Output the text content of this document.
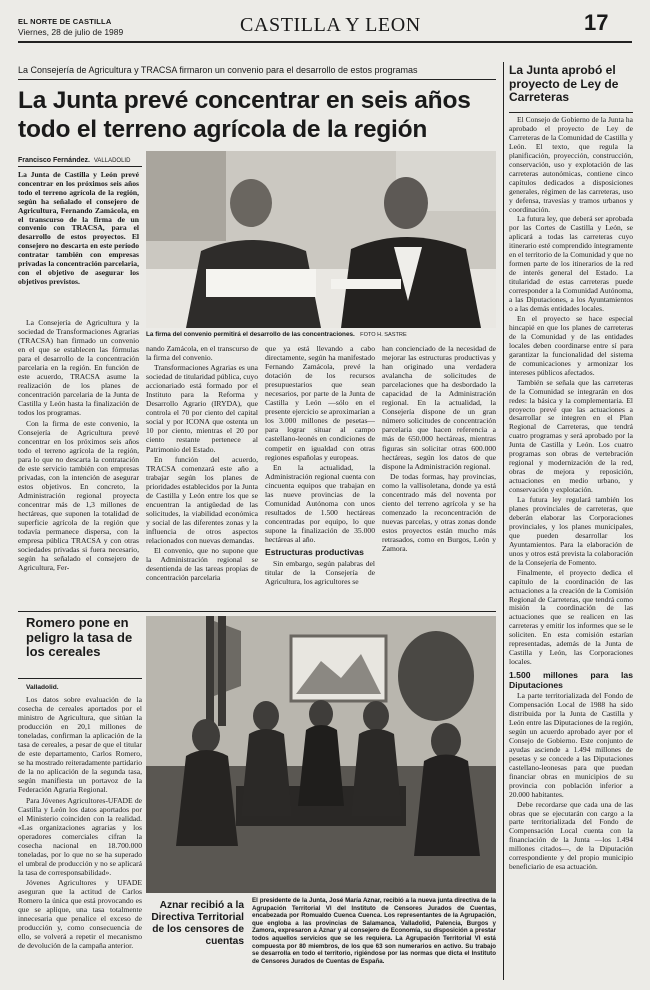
EL NORTE DE CASTILLA
Viernes, 28 de julio de 1989	CASTILLA Y LEON	17
La Consejería de Agricultura y TRACSA firmaron un convenio para el desarrollo de estos programas
La Junta prevé concentrar en seis años todo el terreno agrícola de la región
Francisco Fernández. VALLADOLID

La Junta de Castilla y León prevé concentrar en los próximos seis años todo el terreno agrícola de la región, según ha señalado el consejero de Agricultura, Fernando Zamácola, en el transcurso de la firma de un convenio con TRACSA, para el desarrollo de estos proyectos. El consejero no descarta en este período contratar también con empresas privadas la concentración parcelaria, con el objetivo de asegurar los objetivos previstos.

La firma del convenio permitirá el desarrollo de las concentraciones. FOTO H. SASTRE

La Consejería de Agricultura y la sociedad de Transformaciones Agrarias (TRACSA) han firmado un convenio en el que se establecen las fórmulas para el desarrollo de la concentración parcelaria en la región. En función de este acuerdo, TRACSA asume la realización de los planes de concentración parcelaria de la Junta de Castilla y León hasta la finalización de todos los programas.

Con la firma de este convenio, la Consejería de Agricultura prevé concentrar en los próximos seis años todo el terreno agrícola de la región, para lo que no descarta la contratación de este servicio también con empresas privadas, con la intención de asegurar estos objetivos. En concreto, la Administración regional proyecta concentrar más de 1,3 millones de hectáreas, que suponen la totalidad de superficie agrícola de la región que todavía permanece dispersa, con la empresa pública TRACSA y con otras sociedades privadas si fuera necesario, según ha señalado el consejero de Agricultura, Fer-

nando Zamácola, en el transcurso de la firma del convenio.

Transformaciones Agrarias es una sociedad de titularidad pública, cuyo accionariado está formado por el Instituto para la Reforma y Desarrollo Agrario (IRYDA), que controla el 70 por ciento del capital social y por ICONA que ostenta un 10 por ciento, mientras el 20 por ciento restante pertenece al Patrimonio del Estado.

En función del acuerdo, TRACSA comenzará este año a trabajar según los planes de prioridades establecidos por la Junta de Castilla y León entre los que se encuentran la antigüedad de las solicitudes, la viabilidad económica y social de las diferentes zonas y la influencia de otros aspectos relacionados con nuevas demandas.

El convenio, que no supone que la Administración regional se desentienda de las tareas propias de concentración parcelaria

que ya está llevando a cabo directamente, según ha manifestado Fernando Zamácola, prevé la dotación de los recursos presupuestarios que sean necesarios, por parte de la Junta de Castilla y León —sólo en el presente ejercicio se aproximarían a los 3.000 millones de pesetas— para lograr situar al campo castellano-leonés en condiciones de competir en igualdad con otras regiones españolas y europeas.

En la actualidad, la Administración regional cuenta con cincuenta equipos que trabajan en las nueve provincias de la Comunidad Autónoma con unos resultados de 1.500 hectáreas concentradas por equipo, lo que supone la finalización de 35.000 hectáreas al año.

Estructuras productivas

Sin embargo, según palabras del titular de la Consejería de Agricultura, los agricultores se

han concienciado de la necesidad de mejorar las estructuras productivas y han originado una verdadera avalancha de solicitudes de parcelaciones que ha desbordado la capacidad de la Administración regional. En la actualidad, la Consejería dispone de un gran número solicitudes de concentración parcelaria que hacen referencia a más de 650.000 hectáreas, mientras figuras sin solicitar otras 600.000 hectáreas, según los datos de que dispone la Administración regional.

De todas formas, hay provincias, como la vallisoletana, donde ya está concentrado más del noventa por ciento del terreno agrícola y se ha comenzado la reconcentración de nuevas parcelas, y otras zonas donde estos proyectos están mucho más retrasados, como en Burgos, León y Zamora.

La Junta aprobó el proyecto de Ley de Carreteras

El Consejo de Gobierno de la Junta ha aprobado el proyecto de Ley de Carreteras de la Comunidad de Castilla y León. El texto, que regula la planificación, proyección, construcción, conservación, uso y explotación de las carreteras autonómicas, contiene cinco capítulos dedicados a disposiciones generales, régimen de las carreteras, uso y defensa, travesías y tramos urbanos y coordinación.

La futura ley, que deberá ser aprobada por las Cortes de Castilla y León, se aplicará a todas las carreteras cuyo itinerario esté comprendido íntegramente en el territorio de la Comunidad y que no formen parte de los itinerarios de la red de interés general del Estado. La titularidad de estas carreteras puede corresponder a la Comunidad Autónoma, a las Diputaciones, a los Ayuntamientos o a las demás entidades locales.

En el proyecto se hace especial hincapié en que los planes de carreteras de la Comunidad y de las entidades locales deben coordinarse entre sí para garantizar la funcionalidad del sistema de comunicaciones y armonizar los intereses públicos afectados.

También se señala que las carreteras de la Comunidad se integrarán en dos redes: la básica y la complementaria. El proyecto prevé que las actuaciones a desarrollar se integren en el Plan Regional de Carreteras, que tendrá cuatro programas y será aprobado por la Junta de Castilla y León. Los cuatro programas son obras de vertebración regional y modernización de la red, obras de mejora y reposición, actuaciones en medio urbano, y conservación y explotación.

La futura ley regulará también los planes provinciales de carreteras, que deberán elaborar las Corporaciones provinciales, y los planes municipales, que pueden desarrollar los Ayuntamientos. Para la elaboración de unos y otros está prevista la colaboración de la Consejería de Fomento.

Finalmente, el proyecto dedica el capítulo de la coordinación de las actuaciones a la creación de la Comisión Regional de Carreteras, que tendrá como misión la coordinación de las actuaciones que se realicen en las carreteras y emitir los informes que se le soliciten. En esta comisión estarían representadas, además de la Junta de Castilla y León, las Corporaciones locales.

1.500 millones para las Diputaciones

La parte territorializada del Fondo de Compensación Local de 1988 ha sido distribuida por la Junta de Castilla y León entre las Diputaciones de la región, según un acuerdo aprobado ayer por el Consejo de Gobierno. Este conjunto de ayudas asciende a 1.494 millones de pesetas y se concede a las Diputaciones castellano-leonesas para que puedan financiar obras en municipios de su provincia con población inferior a 20.000 habitantes.

Debe recordarse que cada una de las obras que se ejecutarán con cargo a la parte territorializada del Fondo de Compensación Local cuenta con la financiación de la Junta —los 1.494 millones citados—, de la Diputación correspondiente y del propio municipio beneficiario de esa actuación.

Romero pone en peligro la tasa de los cereales
Valladolid.

Los datos sobre evaluación de la cosecha de cereales aportados por el ministro de Agricultura, que sitúan la producción en 20,1 millones de toneladas, confirman la aplicación de la tasa de cereales, a pesar de que el titular de este departamento, Carlos Romero, se ha mostrado reiteradamente partidario de la no aplicación de la segunda tasa, según manifiesta un portavoz de la Federación Agraria Regional.

Para Jóvenes Agricultores-UFADE de Castilla y León los datos aportados por el Ministerio coinciden con la realidad. «Las organizaciones agrarias y los operadores comerciales cifran la cosecha nacional en 18.700.000 toneladas, por lo que no se ha superado el umbral de producción y no se aplicará la tasa de corresponsabilidad».

Jóvenes Agricultores y UFADE aseguran que la actitud de Carlos Romero la única que está provocando es que se aplique, una tasa totalmente innecesaria que penalice el exceso de producción y, como consecuencia de ello, se volverá a repetir el mecanismo de devolución de la campaña anterior.

Aznar recibió a la Directiva Territorial de los censores de cuentas
El presidente de la Junta, José María Aznar, recibió a la nueva junta directiva de la Agrupación Territorial VI del Instituto de Censores Jurados de Cuentas, encabezada por Romualdo Cuenca Cuenca. Los representantes de la Agrupación, que engloba a las provincias de Salamanca, Valladolid, Palencia, Burgos y Zamora, expresaron a Aznar y al consejero de Economía, su disposición a prestar todos aquellos servicios que se les requiera. La Agrupación Territorial VI está compuesta por 80 miembros, de los que 63 son numerarios en activo. Su trabajo se desarrolla en todo el territorio, rigiéndose por las normas que dicta el Instituto de Censores Jurados de Cuentas de España.
